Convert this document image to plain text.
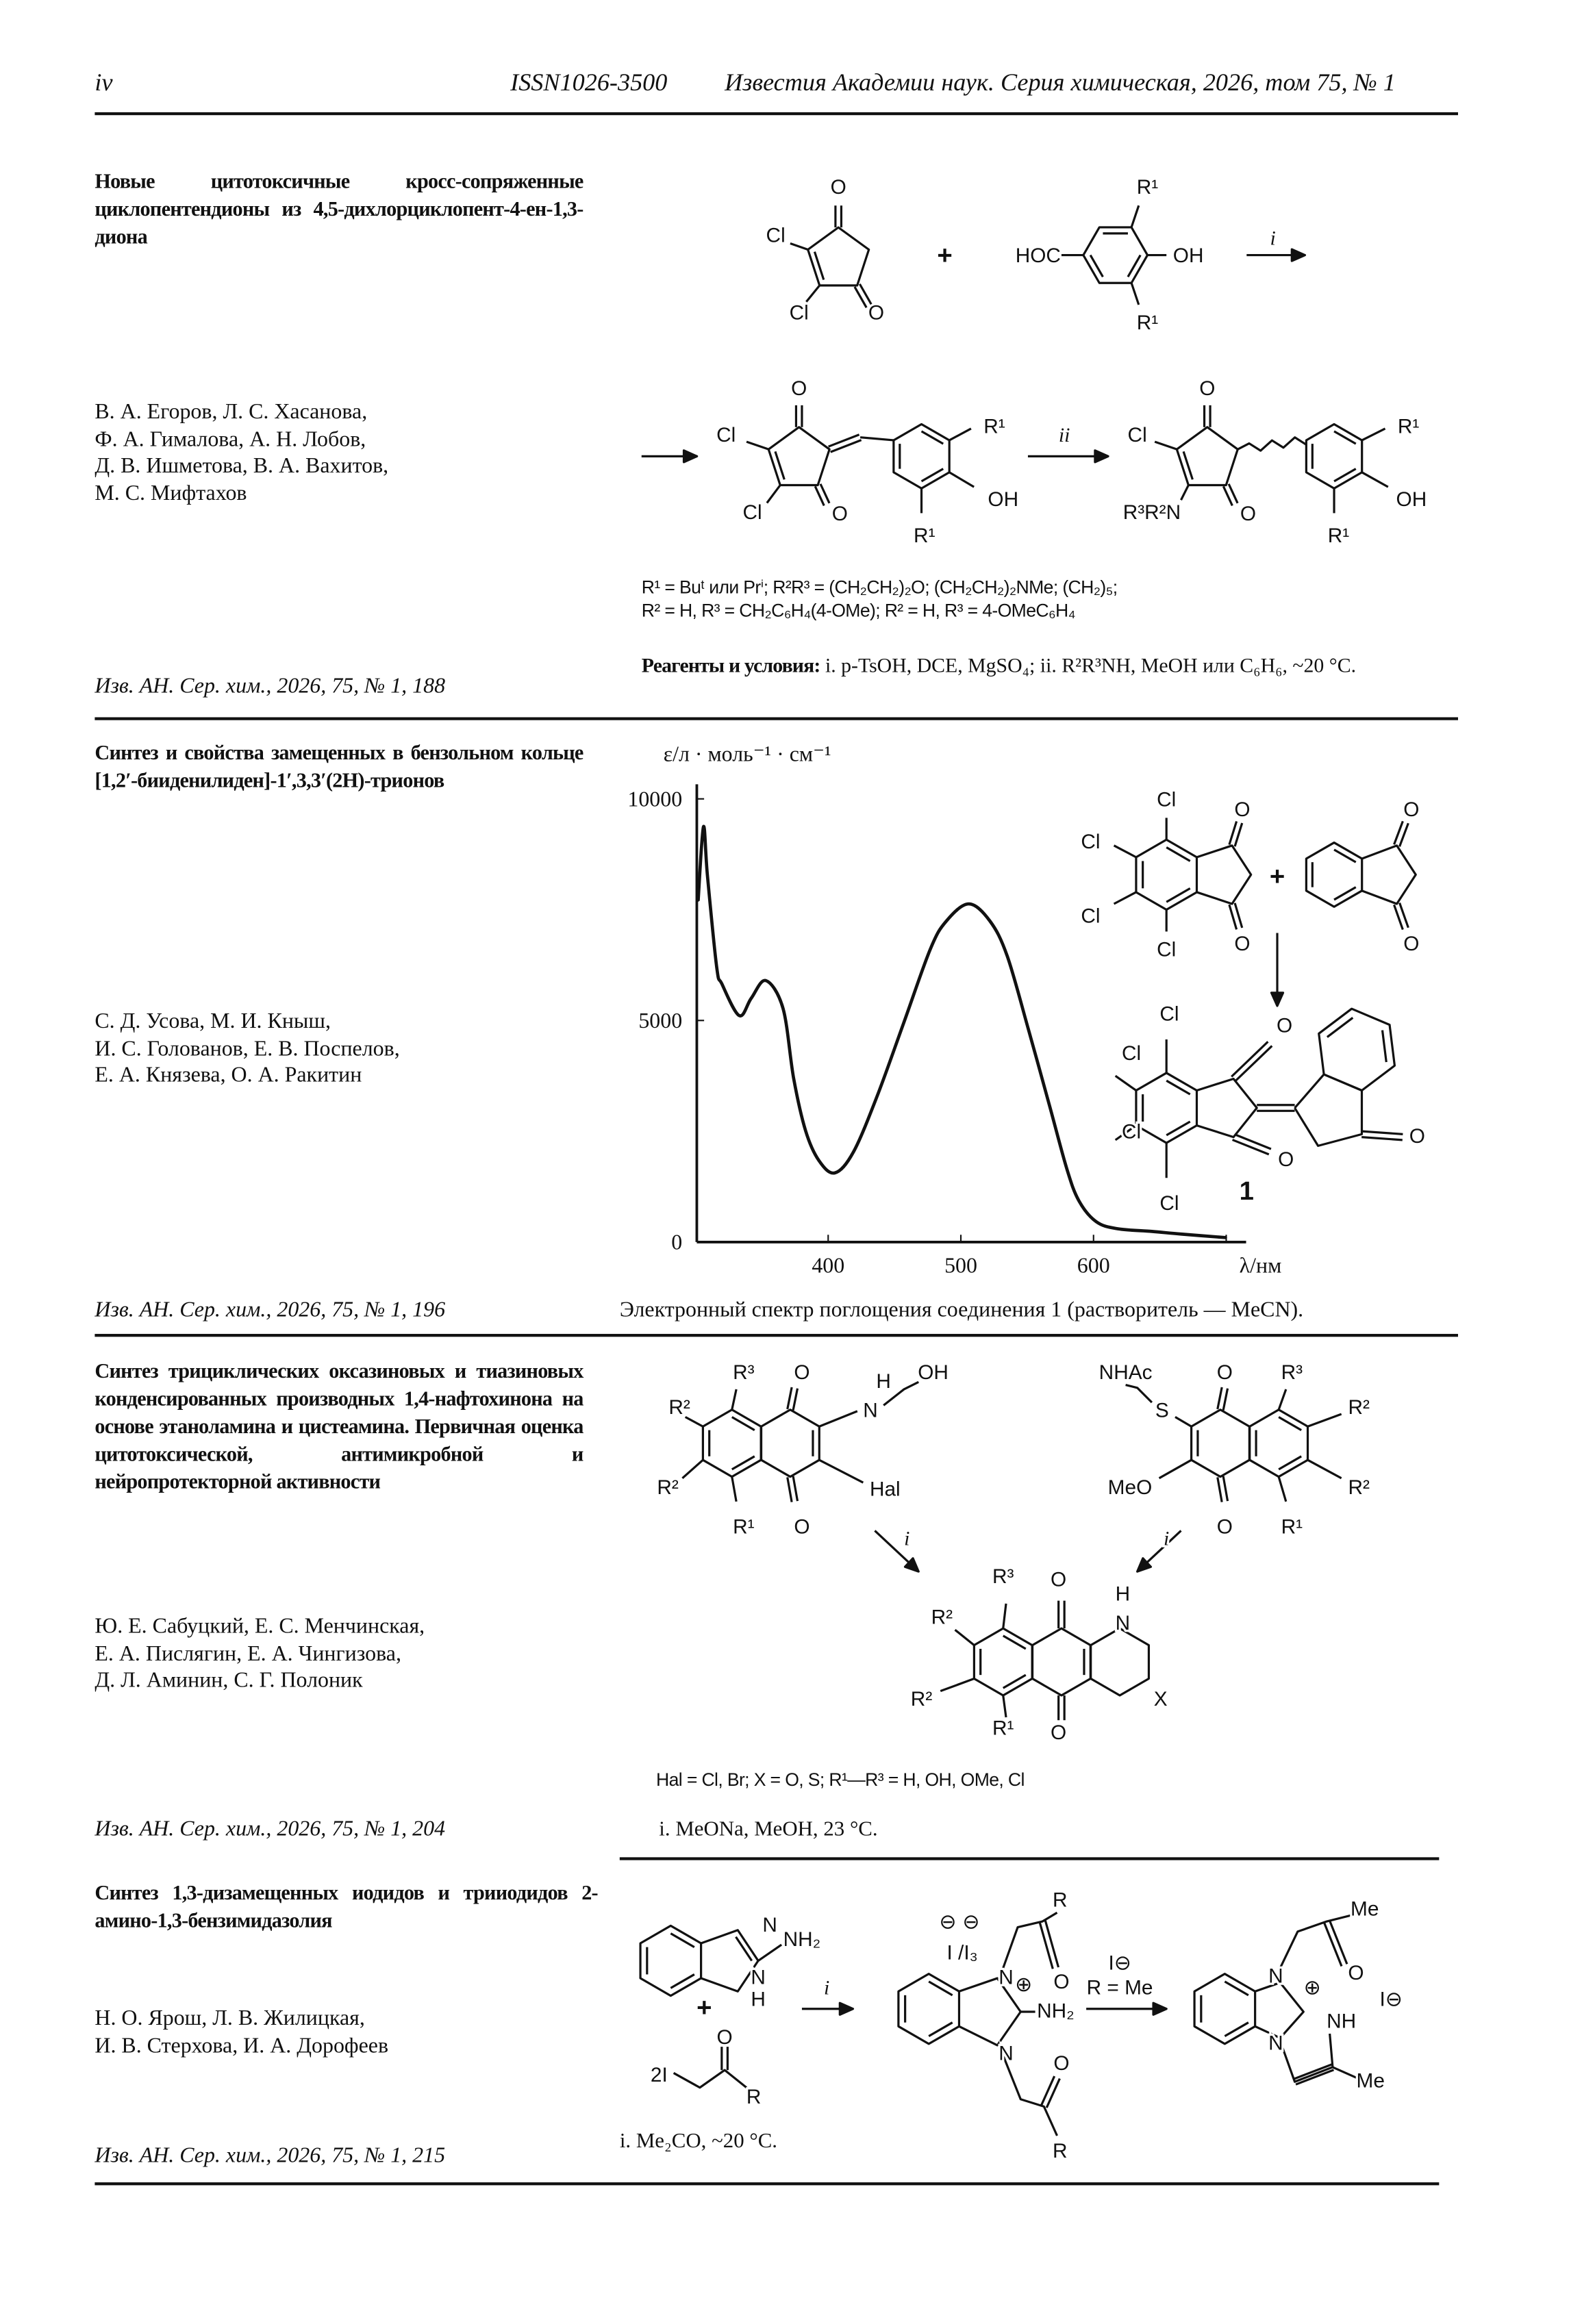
iv	ISSN1026-3500	Известия Академии наук. Серия химическая, 2026, том 75, № 1
Новые цитотоксичные кросс-сопряженные циклопентендионы из 4,5-дихлорциклопент-4-ен-1,3-диона
В. А. Егоров, Л. С. Хасанова,
Ф. А. Гималова, А. Н. Лобов,
Д. В. Ишметова, В. А. Вахитов,
М. С. Мифтахов
R¹ = Buᵗ или Prⁱ; R²R³ = (CH₂CH₂)₂O; (CH₂CH₂)₂NMe; (CH₂)₅;
R² = H, R³ = CH₂C₆H₄(4-OMe); R² = H, R³ = 4-OMeC₆H₄
Реагенты и условия: i. p-TsOH, DCE, MgSO₄; ii. R²R³NH, MeOH или C₆H₆, ~20 °C.
Изв. АН. Сер. хим., 2026, 75, № 1, 188
Синтез и свойства замещенных в бензольном кольце [1,2′-бииденилиден]-1′,3,3′(2H)-трионов
С. Д. Усова, М. И. Кныш,
И. С. Голованов, Е. В. Поспелов,
Е. А. Князева, О. А. Ракитин
Изв. АН. Сер. хим., 2026, 75, № 1, 196	Электронный спектр поглощения соединения 1 (растворитель — MeCN).
Синтез трициклических оксазиновых и тиазиновых конденсированных производных 1,4-нафтохинона на основе этаноламина и цистеамина. Первичная оценка цитотоксической, антимикробной и нейропротекторной активности
Ю. Е. Сабуцкий, Е. С. Менчинская,
Е. А. Пислягин, Е. А. Чингизова,
Д. Л. Аминин, С. Г. Полоник
Hal = Cl, Br; X = O, S; R¹—R³ = H, OH, OMe, Cl
i. MeONa, MeOH, 23 °C.
Изв. АН. Сер. хим., 2026, 75, № 1, 204
Синтез 1,3-дизамещенных иодидов и трииодидов 2-амино-1,3-бензимидазолия
Н. О. Ярош, Л. В. Жилицкая,
И. В. Стерхова, И. А. Дорофеев
i. Me₂CO, ~20 °C.
Изв. АН. Сер. хим., 2026, 75, № 1, 215
ε/л · моль⁻¹ · см⁻¹
λ/нм
400	500	600
0
5000
10000
O
Cl
Cl	O
+	HOC
R¹
OH
R¹
i
O
Cl
Cl	O
R¹
OH
R¹
ii
O
Cl
R³R²N	O
R¹
OH
R¹
Cl
Cl
Cl
Cl
O
O
+
O
O
Cl
Cl
Cl
Cl
O
O
O
1
R³	O	H
N
OH
R²
R²	Hal
R¹	O
NHAc
S
O	R³
R²
MeO
O	R¹
R²
i	i
R³	O
H
N
R²
R²	X
R¹	O
N
NH₂
N
H
+
O
2I
R
i
I /I₃
⊖ ⊖
R
O
N ⊕
NH₂
N	O
R
I⊖
R = Me
Me
O
N
⊕
NH
N
Me
I⊖
